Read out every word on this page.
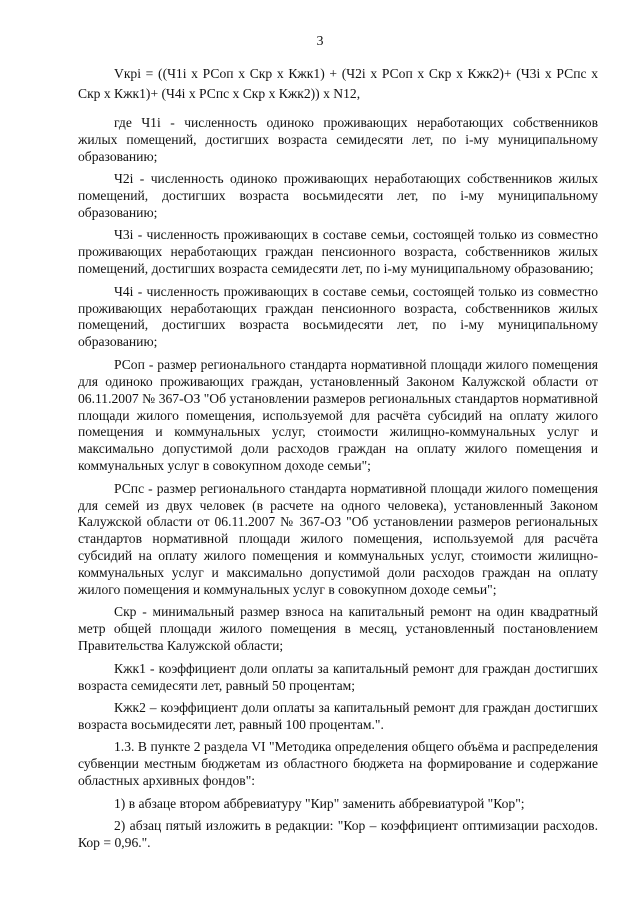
3

Vкрi = ((Ч1i х РСоп х Скр х Кжк1) + (Ч2i х РСоп х Скр х Кжк2)+ (Ч3i х РСпс х Скр х Кжк1)+ (Ч4i х РСпс х Скр х Кжк2)) х N12,

где Ч1i - численность одиноко проживающих неработающих собственников жилых помещений, достигших возраста семидесяти лет, по i-му муниципальному образованию;

Ч2i - численность одиноко проживающих неработающих собственников жилых помещений, достигших возраста восьмидесяти лет, по i-му муниципальному образованию;

Ч3i - численность проживающих в составе семьи, состоящей только из совместно проживающих неработающих граждан пенсионного возраста, собственников жилых помещений, достигших возраста семидесяти лет, по i-му муниципальному образованию;

Ч4i - численность проживающих в составе семьи, состоящей только из совместно проживающих неработающих граждан пенсионного возраста, собственников жилых помещений, достигших возраста восьмидесяти лет, по i-му муниципальному образованию;

РСоп - размер регионального стандарта нормативной площади жилого помещения для одиноко проживающих граждан, установленный Законом Калужской области от 06.11.2007 № 367-ОЗ "Об установлении размеров региональных стандартов нормативной площади жилого помещения, используемой для расчёта субсидий на оплату жилого помещения и коммунальных услуг, стоимости жилищно-коммунальных услуг и максимально допустимой доли расходов граждан на оплату жилого помещения и коммунальных услуг в совокупном доходе семьи";

РСпс - размер регионального стандарта нормативной площади жилого помещения для семей из двух человек (в расчете на одного человека), установленный Законом Калужской области от 06.11.2007 № 367-ОЗ "Об установлении размеров региональных стандартов нормативной площади жилого помещения, используемой для расчёта субсидий на оплату жилого помещения и коммунальных услуг, стоимости жилищно-коммунальных услуг и максимально допустимой доли расходов граждан на оплату жилого помещения и коммунальных услуг в совокупном доходе семьи";

Скр - минимальный размер взноса на капитальный ремонт на один квадратный метр общей площади жилого помещения в месяц, установленный постановлением Правительства Калужской области;

Кжк1 - коэффициент доли оплаты за капитальный ремонт для граждан достигших возраста семидесяти лет, равный 50 процентам;

Кжк2 – коэффициент доли оплаты за капитальный ремонт для граждан достигших возраста восьмидесяти лет, равный 100 процентам.".

1.3. В пункте 2 раздела VI "Методика определения общего объёма и распределения субвенции местным бюджетам из областного бюджета на формирование и содержание областных архивных фондов":

1) в абзаце втором аббревиатуру "Кир" заменить аббревиатурой "Кор";

2) абзац пятый изложить в редакции: "Кор – коэффициент оптимизации расходов. Кор = 0,96.".
